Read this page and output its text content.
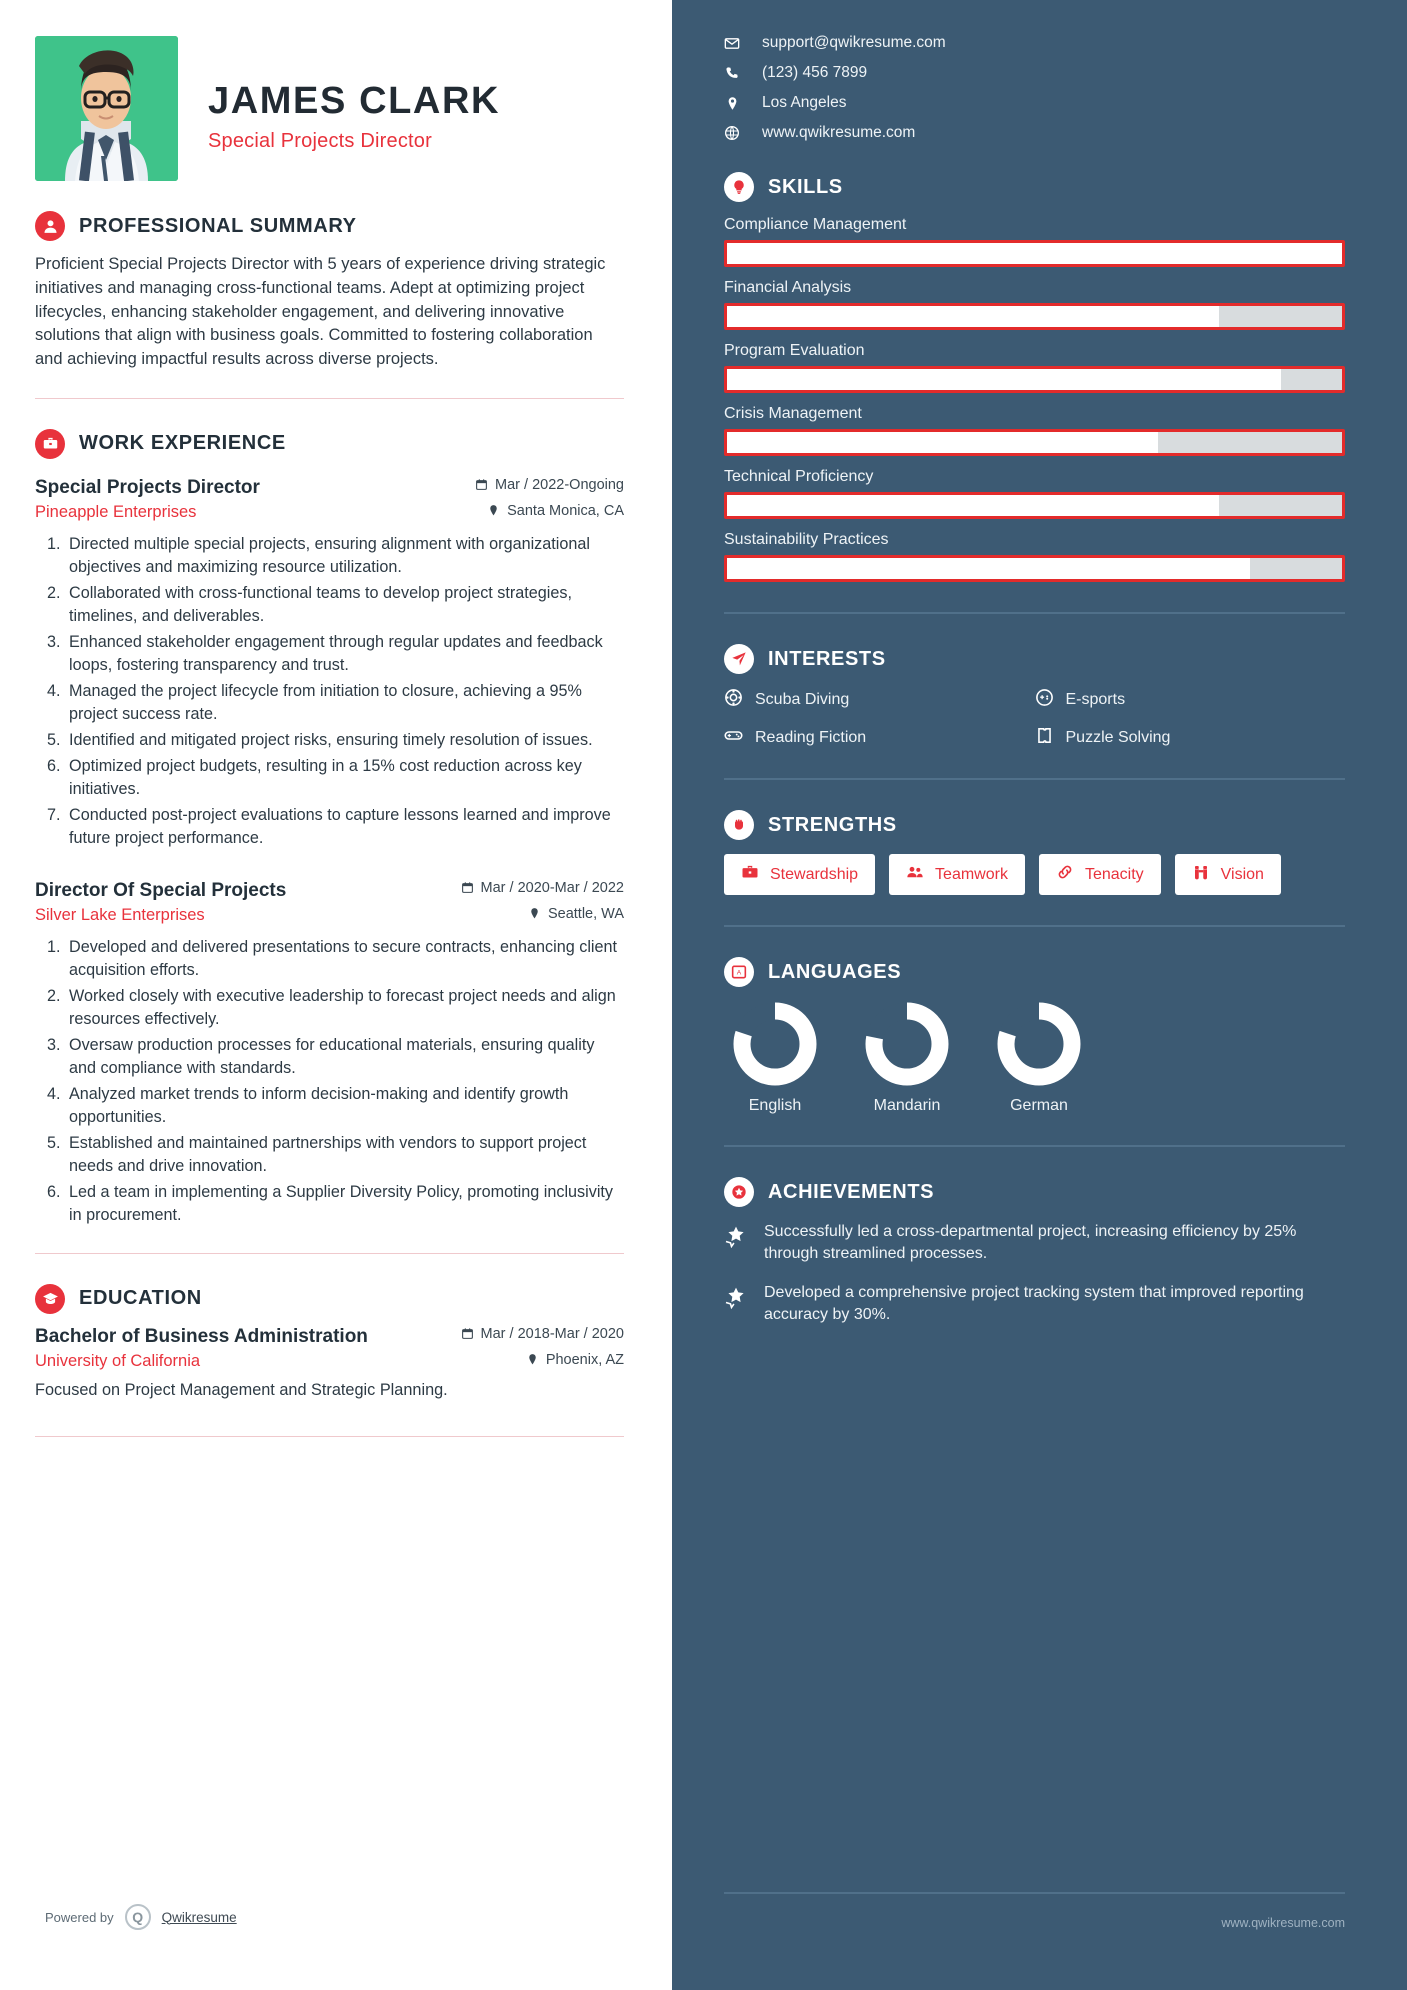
JAMES CLARK
Special Projects Director
PROFESSIONAL SUMMARY
Proficient Special Projects Director with 5 years of experience driving strategic initiatives and managing cross-functional teams. Adept at optimizing project lifecycles, enhancing stakeholder engagement, and delivering innovative solutions that align with business goals. Committed to fostering collaboration and achieving impactful results across diverse projects.
WORK EXPERIENCE
Special Projects Director	Mar / 2022-Ongoing
Pineapple Enterprises	Santa Monica, CA
1. Directed multiple special projects, ensuring alignment with organizational objectives and maximizing resource utilization.
2. Collaborated with cross-functional teams to develop project strategies, timelines, and deliverables.
3. Enhanced stakeholder engagement through regular updates and feedback loops, fostering transparency and trust.
4. Managed the project lifecycle from initiation to closure, achieving a 95% project success rate.
5. Identified and mitigated project risks, ensuring timely resolution of issues.
6. Optimized project budgets, resulting in a 15% cost reduction across key initiatives.
7. Conducted post-project evaluations to capture lessons learned and improve future project performance.
Director Of Special Projects	Mar / 2020-Mar / 2022
Silver Lake Enterprises	Seattle, WA
1. Developed and delivered presentations to secure contracts, enhancing client acquisition efforts.
2. Worked closely with executive leadership to forecast project needs and align resources effectively.
3. Oversaw production processes for educational materials, ensuring quality and compliance with standards.
4. Analyzed market trends to inform decision-making and identify growth opportunities.
5. Established and maintained partnerships with vendors to support project needs and drive innovation.
6. Led a team in implementing a Supplier Diversity Policy, promoting inclusivity in procurement.
EDUCATION
Bachelor of Business Administration	Mar / 2018-Mar / 2020
University of California	Phoenix, AZ
Focused on Project Management and Strategic Planning.
Powered by	Q	Qwikresume
support@qwikresume.com
(123) 456 7899
Los Angeles
www.qwikresume.com
SKILLS
Compliance Management
Financial Analysis
Program Evaluation
Crisis Management
Technical Proficiency
Sustainability Practices
INTERESTS
Scuba Diving	E-sports
Reading Fiction	Puzzle Solving
STRENGTHS
Stewardship	Teamwork	Tenacity	Vision
A LANGUAGES
English	Mandarin	German
ACHIEVEMENTS
Successfully led a cross-departmental project, increasing efficiency by 25% through streamlined processes.
Developed a comprehensive project tracking system that improved reporting accuracy by 30%.
www.qwikresume.com
